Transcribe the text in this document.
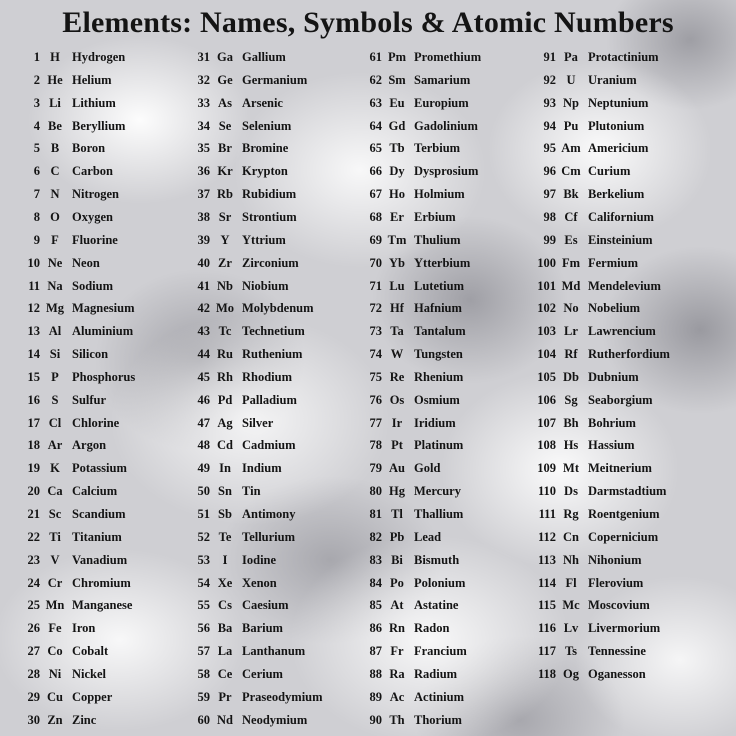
Elements: Names, Symbols & Atomic Numbers
1 H Hydrogen
2 He Helium
3 Li Lithium
4 Be Beryllium
5 B	Boron
6 C Carbon
7 N Nitrogen
8 O Oxygen
9 F	Fluorine
10 Ne Neon
11 Na Sodium
12 Mg Magnesium
13 Al Aluminium
14 Si Silicon
15 P	Phosphorus
16 S	Sulfur
17 Cl Chlorine
18 Ar Argon
19 K Potassium
20 Ca Calcium
21 Sc Scandium
22 Ti Titanium
23 V Vanadium
24 Cr Chromium
25 Mn Manganese
26 Fe Iron
27 Co Cobalt
28 Ni Nickel
29 Cu Copper
30 Zn Zinc
31 Ga Gallium
32 Ge Germanium
33 As Arsenic
34 Se Selenium
35 Br Bromine
36 Kr Krypton
37 Rb Rubidium
38 Sr Strontium
39 Y Yttrium
40 Zr Zirconium
41 Nb Niobium
42 Mo Molybdenum
43 Tc Technetium
44 Ru Ruthenium
45 Rh Rhodium
46 Pd Palladium
47 Ag Silver
48 Cd Cadmium
49 In Indium
50 Sn Tin
51 Sb Antimony
52 Te Tellurium
53	I	Iodine
54 Xe Xenon
55 Cs Caesium
56 Ba Barium
57 La Lanthanum
58 Ce Cerium
59 Pr Praseodymium
60 Nd Neodymium
61 Pm Promethium
62 Sm Samarium
63 Eu Europium
64 Gd Gadolinium
65 Tb Terbium
66 Dy Dysprosium
67 Ho Holmium
68 Er Erbium
69 Tm Thulium
70 Yb Ytterbium
71 Lu Lutetium
72 Hf Hafnium
73 Ta Tantalum
74 W Tungsten
75 Re Rhenium
76 Os Osmium
77 Ir Iridium
78 Pt Platinum
79 Au Gold
80 Hg Mercury
81 Tl Thallium
82 Pb Lead
83 Bi Bismuth
84 Po Polonium
85 At Astatine
86 Rn Radon
87 Fr Francium
88 Ra Radium
89 Ac Actinium
90 Th Thorium
91 Pa Protactinium
92 U Uranium
93 Np Neptunium
94 Pu Plutonium
95 Am Americium
96 Cm Curium
97 Bk Berkelium
98 Cf Californium
99 Es Einsteinium
100 Fm Fermium
101 Md Mendelevium
102 No Nobelium
103 Lr Lawrencium
104 Rf Rutherfordium
105 Db Dubnium
106 Sg Seaborgium
107 Bh Bohrium
108 Hs Hassium
109 Mt Meitnerium
110 Ds Darmstadtium
111 Rg Roentgenium
112 Cn Copernicium
113 Nh Nihonium
114 Fl Flerovium
115 Mc Moscovium
116 Lv Livermorium
117 Ts Tennessine
118 Og Oganesson
